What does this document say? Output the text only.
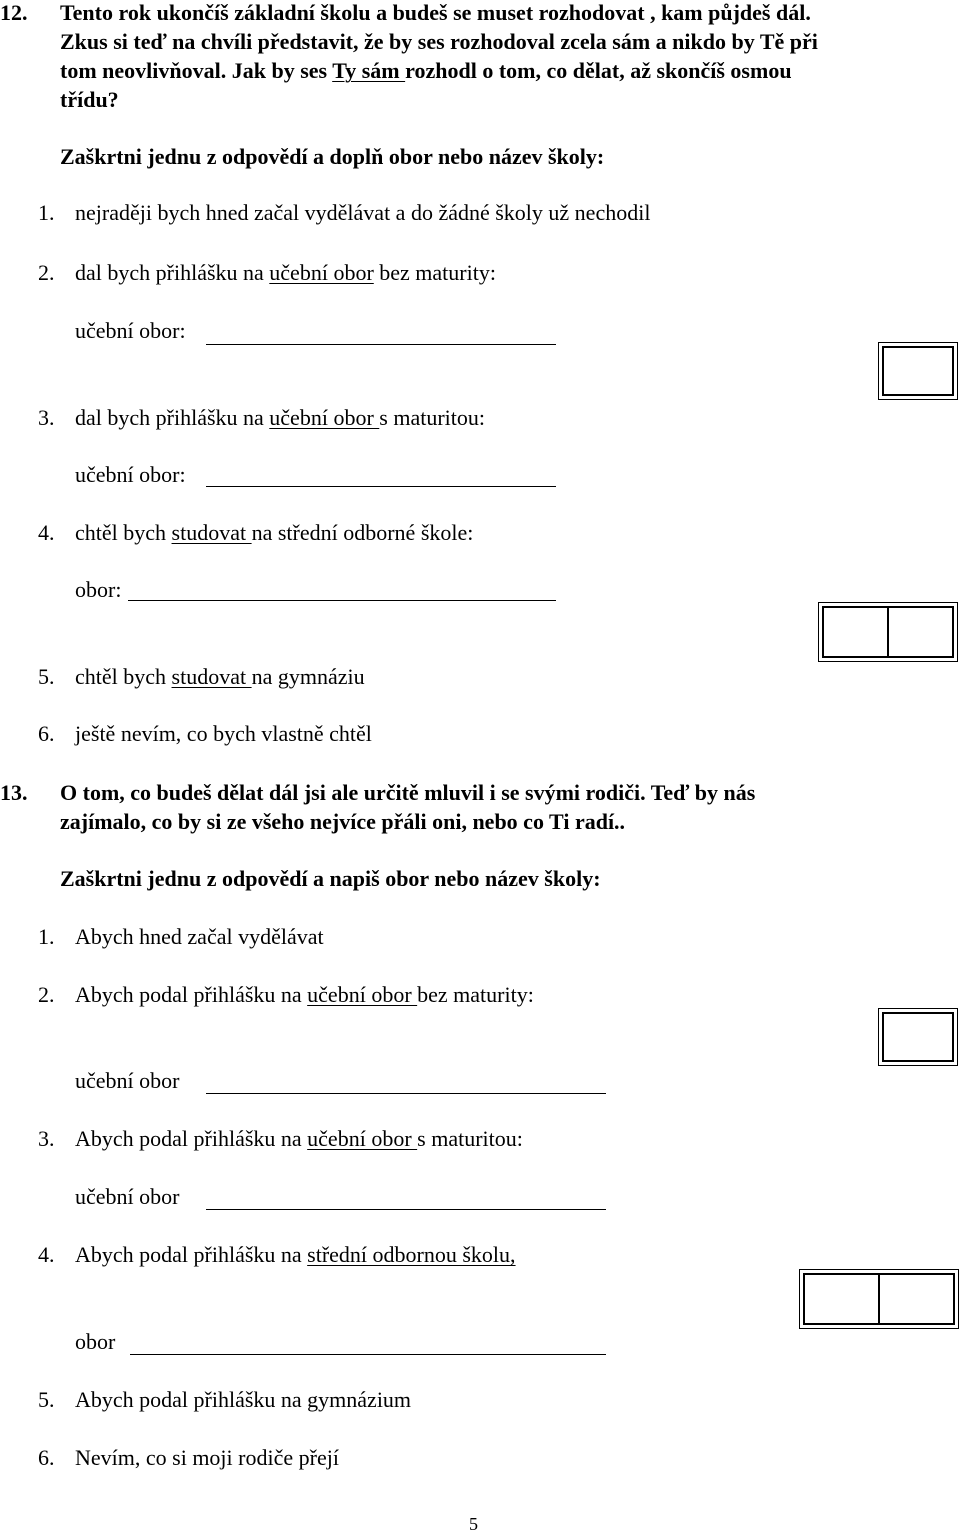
12. Tento rok ukončíš základní školu a budeš se muset rozhodovat , kam půjdeš dál.
Zkus si teď na chvíli představit, že by ses rozhodoval zcela sám a nikdo by Tě při
tom neovlivňoval. Jak by ses Ty sám rozhodl o tom, co dělat, až skončíš osmou
třídu?
Zaškrtni jednu z odpovědí a doplň obor nebo název školy:
1. nejraději bych hned začal vydělávat a do žádné školy už nechodil
2. dal bych přihlášku na učební obor bez maturity:
učební obor:
3. dal bych přihlášku na učební obor s maturitou:
učební obor:
4. chtěl bych studovat na střední odborné škole:
obor:
5. chtěl bych studovat na gymnáziu
6. ještě nevím, co bych vlastně chtěl
13. O tom, co budeš dělat dál jsi ale určitě mluvil i se svými rodiči. Teď by nás
zajímalo, co by si ze všeho nejvíce přáli oni, nebo co Ti radí..
Zaškrtni jednu z odpovědí a napiš obor nebo název školy:
1. Abych hned začal vydělávat
2. Abych podal přihlášku na učební obor bez maturity:
učební obor
3. Abych podal přihlášku na učební obor s maturitou:
učební obor
4. Abych podal přihlášku na střední odbornou školu,
obor
5. Abych podal přihlášku na gymnázium
6. Nevím, co si moji rodiče přejí
5
